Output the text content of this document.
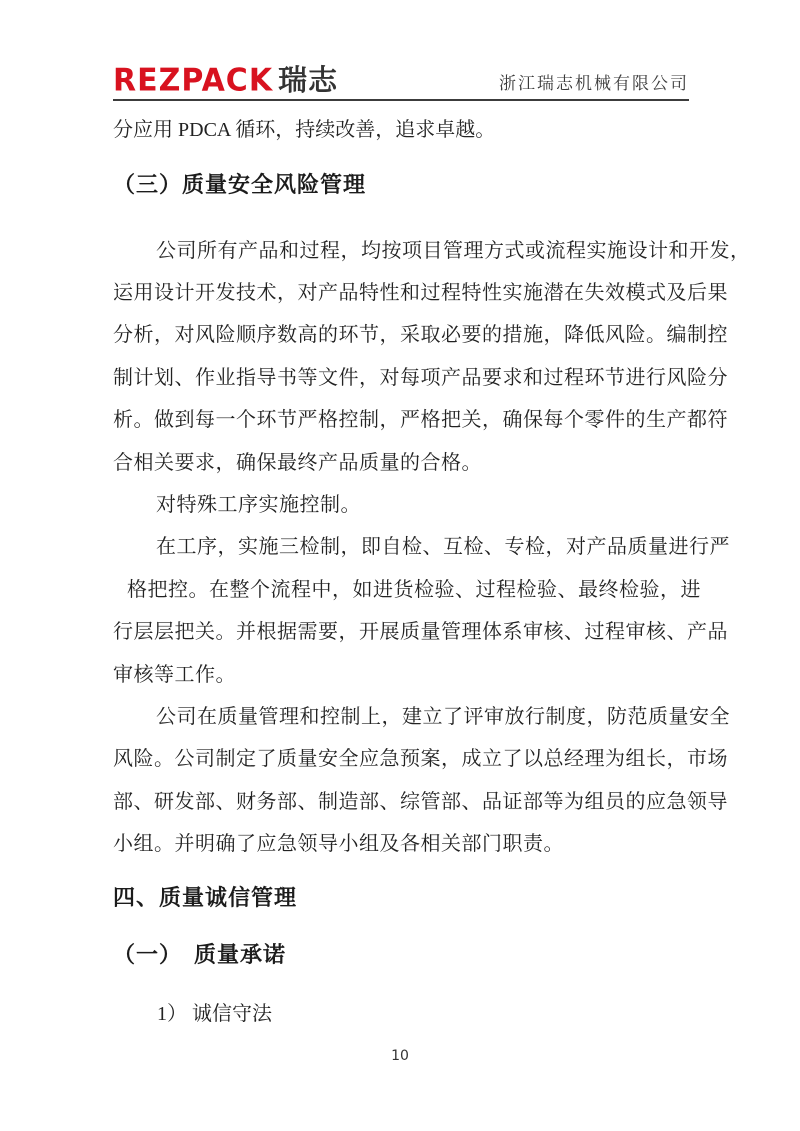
REZPACK 瑞志	浙江瑞志机械有限公司
分应用 PDCA 循环，持续改善，追求卓越。
（三）质量安全风险管理
公司所有产品和过程，均按项目管理方式或流程实施设计和开发，
运用设计开发技术，对产品特性和过程特性实施潜在失效模式及后果
分析，对风险顺序数高的环节，采取必要的措施，降低风险。编制控
制计划、作业指导书等文件，对每项产品要求和过程环节进行风险分
析。做到每一个环节严格控制，严格把关，确保每个零件的生产都符
合相关要求，确保最终产品质量的合格。
对特殊工序实施控制。
在工序，实施三检制，即自检、互检、专检，对产品质量进行严
格把控。在整个流程中，如进货检验、过程检验、最终检验，进
行层层把关。并根据需要，开展质量管理体系审核、过程审核、产品
审核等工作。
公司在质量管理和控制上，建立了评审放行制度，防范质量安全
风险。公司制定了质量安全应急预案，成立了以总经理为组长，市场
部、研发部、财务部、制造部、综管部、品证部等为组员的应急领导
小组。并明确了应急领导小组及各相关部门职责。
四、质量诚信管理
（一）　质量承诺
1） 诚信守法
10
